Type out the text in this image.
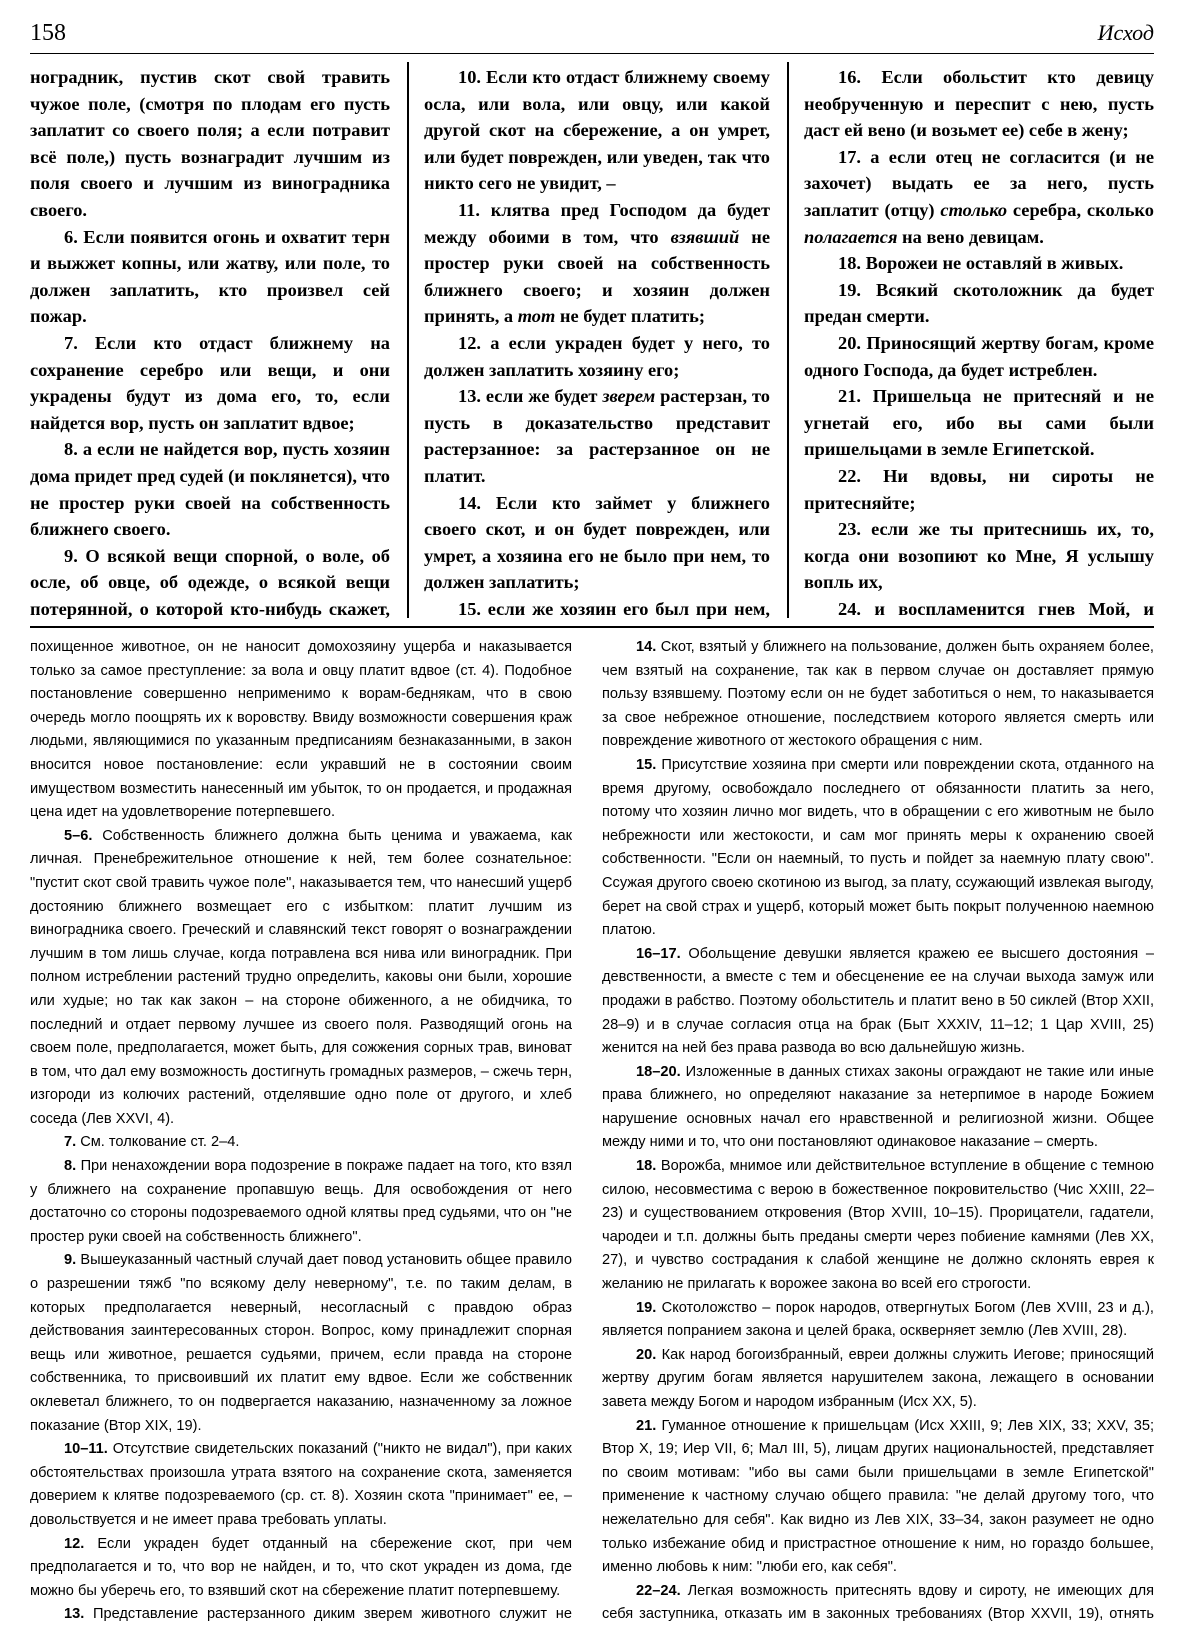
158	Исход

ноградник, пустив скот свой травить чужое поле, (смотря по плодам его пусть заплатит со своего поля; а если потравит всё поле,) пусть вознаградит лучшим из поля своего и лучшим из виноградника своего.

6. Если появится огонь и охватит терн и выжжет копны, или жатву, или поле, то должен заплатить, кто произвел сей пожар.

7. Если кто отдаст ближнему на сохранение серебро или вещи, и они украдены будут из дома его, то, если найдется вор, пусть он заплатит вдвое;

8. а если не найдется вор, пусть хозяин дома придет пред судей (и поклянется), что не простер руки своей на собственность ближнего своего.

9. О всякой вещи спорной, о воле, об осле, об овце, об одежде, о всякой вещи потерянной, о которой кто-нибудь скажет,

10. Если кто отдаст ближнему своему осла, или вола, или овцу, или какой другой скот на сбережение, а он умрет, или будет поврежден, или уведен, так что никто сего не увидит, –

11. клятва пред Господом да будет между обоими в том, что взявший не простер руки своей на собственность ближнего своего; и хозяин должен принять, а тот не будет платить;

12. а если украден будет у него, то должен заплатить хозяину его;

13. если же будет зверем растерзан, то пусть в доказательство представит растерзанное: за растерзанное он не платит.

14. Если кто займет у ближнего своего скот, и он будет поврежден, или умрет, а хозяина его не было при нем, то должен заплатить;

15. если же хозяин его был при нем,

16. Если обольстит кто девицу необрученную и переспит с нею, пусть даст ей вено (и возьмет ее) себе в жену;

17. а если отец не согласится (и не захочет) выдать ее за него, пусть заплатит (отцу) столько серебра, сколько полагается на вено девицам.

18. Ворожеи не оставляй в живых.

19. Всякий скотоложник да будет предан смерти.

20. Приносящий жертву богам, кроме одного Господа, да будет истреблен.

21. Пришельца не притесняй и не угнетай его, ибо вы сами были пришельцами в земле Египетской.

22. Ни вдовы, ни сироты не притесняйте;

23. если же ты притеснишь их, то, когда они возопиют ко Мне, Я услышу вопль их,

24. и воспламенится гнев Мой, и

похищенное животное, он не наносит домохозяину ущерба и наказывается только за самое преступление: за вола и овцу платит вдвое (ст. 4). Подобное постановление совершенно неприменимо к ворам-беднякам, что в свою очередь могло поощрять их к воровству. Ввиду возможности совершения краж людьми, являющимися по указанным предписаниям безнаказанными, в закон вносится новое постановление: если укравший не в состоянии своим имуществом возместить нанесенный им убыток, то он продается, и продажная цена идет на удовлетворение потерпевшего.

5–6. Собственность ближнего должна быть ценима и уважаема, как личная. Пренебрежительное отношение к ней, тем более сознательное: "пустит скот свой травить чужое поле", наказывается тем, что нанесший ущерб достоянию ближнего возмещает его с избытком: платит лучшим из виноградника своего. Греческий и славянский текст говорят о вознаграждении лучшим в том лишь случае, когда потравлена вся нива или виноградник. При полном истреблении растений трудно определить, каковы они были, хорошие или худые; но так как закон – на стороне обиженного, а не обидчика, то последний и отдает первому лучшее из своего поля. Разводящий огонь на своем поле, предполагается, может быть, для сожжения сорных трав, виноват в том, что дал ему возможность достигнуть громадных размеров, – сжечь терн, изгороди из колючих растений, отделявшие одно поле от другого, и хлеб соседа (Лев XXVI, 4).

7. См. толкование ст. 2–4.

8. При ненахождении вора подозрение в покраже падает на того, кто взял у ближнего на сохранение пропавшую вещь. Для освобождения от него достаточно со стороны подозреваемого одной клятвы пред судьями, что он "не простер руки своей на собственность ближнего".

9. Вышеуказанный частный случай дает повод установить общее правило о разрешении тяжб "по всякому делу неверному", т.е. по таким делам, в которых предполагается неверный, несогласный с правдою образ действования заинтересованных сторон. Вопрос, кому принадлежит спорная вещь или животное, решается судьями, причем, если правда на стороне собственника, то присвоивший их платит ему вдвое. Если же собственник оклеветал ближнего, то он подвергается наказанию, назначенному за ложное показание (Втор XIX, 19).

10–11. Отсутствие свидетельских показаний ("никто не видал"), при каких обстоятельствах произошла утрата взятого на сохранение скота, заменяется доверием к клятве подозреваемого (ср. ст. 8). Хозяин скота "принимает" ее, – довольствуется и не имеет права требовать уплаты.

12. Если украден будет отданный на сбережение скот, при чем предполагается и то, что вор не найден, и то, что скот украден из дома, где можно бы уберечь его, то взявший скот на сбережение платит потерпевшему.

13. Представление растерзанного диким зверем животного служит не

14. Скот, взятый у ближнего на пользование, должен быть охраняем более, чем взятый на сохранение, так как в первом случае он доставляет прямую пользу взявшему. Поэтому если он не будет заботиться о нем, то наказывается за свое небрежное отношение, последствием которого является смерть или повреждение животного от жестокого обращения с ним.

15. Присутствие хозяина при смерти или повреждении скота, отданного на время другому, освобождало последнего от обязанности платить за него, потому что хозяин лично мог видеть, что в обращении с его животным не было небрежности или жестокости, и сам мог принять меры к охранению своей собственности. "Если он наемный, то пусть и пойдет за наемную плату свою". Ссужая другого своею скотиною из выгод, за плату, ссужающий извлекая выгоду, берет на свой страх и ущерб, который может быть покрыт полученною наемною платою.

16–17. Обольщение девушки является кражею ее высшего достояния – девственности, а вместе с тем и обесценение ее на случаи выхода замуж или продажи в рабство. Поэтому обольститель и платит вено в 50 сиклей (Втор XXII, 28–9) и в случае согласия отца на брак (Быт XXXIV, 11–12; 1 Цар XVIII, 25) женится на ней без права развода во всю дальнейшую жизнь.

18–20. Изложенные в данных стихах законы ограждают не такие или иные права ближнего, но определяют наказание за нетерпимое в народе Божием нарушение основных начал его нравственной и религиозной жизни. Общее между ними и то, что они постановляют одинаковое наказание – смерть.

18. Ворожба, мнимое или действительное вступление в общение с темною силою, несовместима с верою в божественное покровительство (Чис XXIII, 22–23) и существованием откровения (Втор XVIII, 10–15). Прорицатели, гадатели, чародеи и т.п. должны быть преданы смерти через побиение камнями (Лев XX, 27), и чувство сострадания к слабой женщине не должно склонять еврея к желанию не прилагать к ворожее закона во всей его строгости.

19. Скотоложство – порок народов, отвергнутых Богом (Лев XVIII, 23 и д.), является попранием закона и целей брака, оскверняет землю (Лев XVIII, 28).

20. Как народ богоизбранный, евреи должны служить Иегове; приносящий жертву другим богам является нарушителем закона, лежащего в основании завета между Богом и народом избранным (Исх XX, 5).

21. Гуманное отношение к пришельцам (Исх XXIII, 9; Лев XIX, 33; XXV, 35; Втор X, 19; Иер VII, 6; Мал III, 5), лицам других национальностей, представляет по своим мотивам: "ибо вы сами были пришельцами в земле Египетской" применение к частному случаю общего правила: "не делай другому того, что нежелательно для себя". Как видно из Лев XIX, 33–34, закон разумеет не одно только избежание обид и пристрастное отношение к ним, но гораздо большее, именно любовь к ним: "люби его, как себя".

22–24. Легкая возможность притеснять вдову и сироту, не имеющих для себя заступника, отказать им в законных требованиях (Втор XXVII, 19), отнять
